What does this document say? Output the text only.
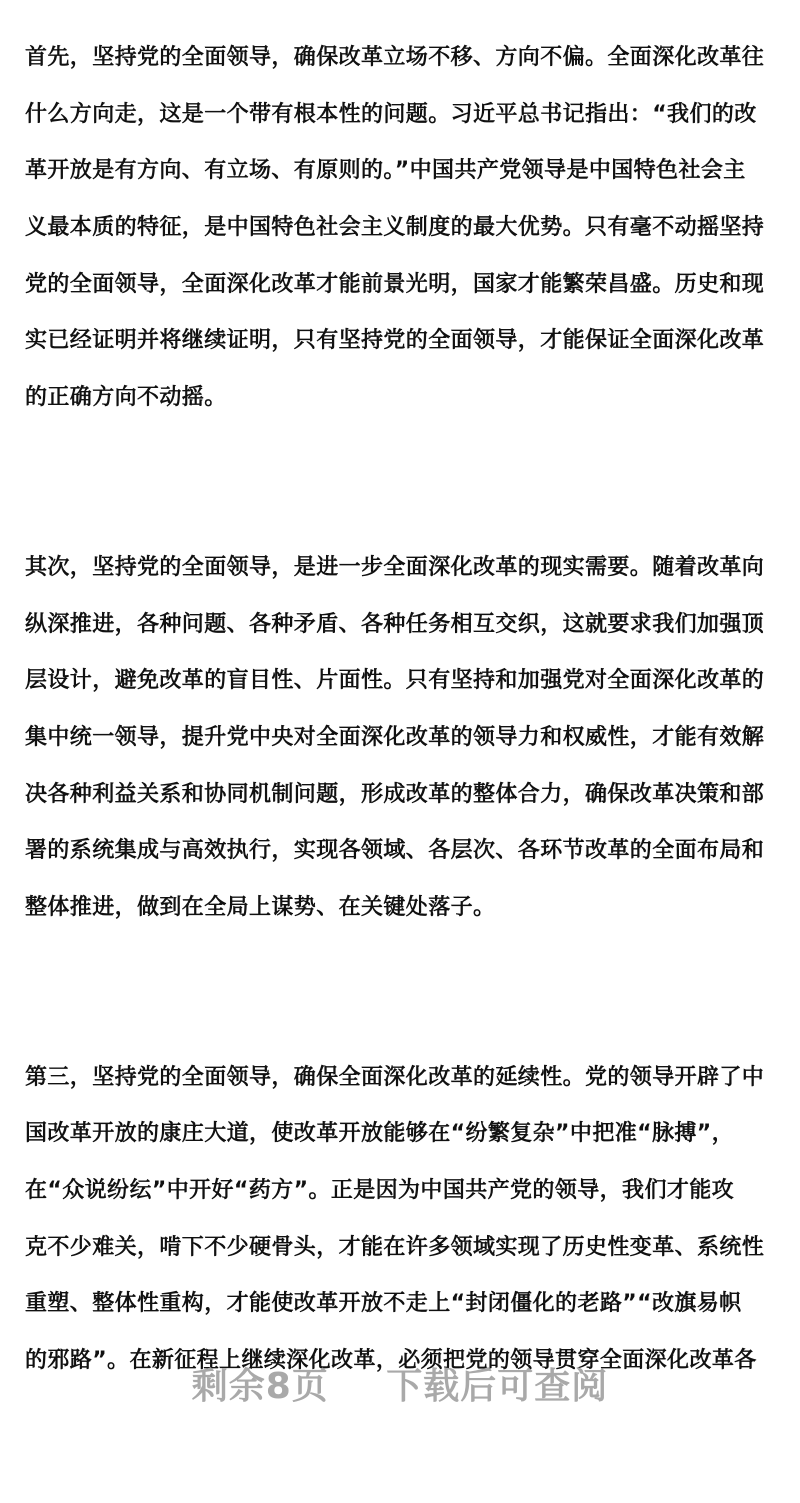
首先，坚持党的全面领导，确保改革立场不移、方向不偏。全面深化改革往
什么方向走，这是一个带有根本性的问题。习近平总书记指出：“我们的改
革开放是有方向、有立场、有原则的。”中国共产党领导是中国特色社会主
义最本质的特征，是中国特色社会主义制度的最大优势。只有毫不动摇坚持
党的全面领导，全面深化改革才能前景光明，国家才能繁荣昌盛。历史和现
实已经证明并将继续证明，只有坚持党的全面领导，才能保证全面深化改革
的正确方向不动摇。
其次，坚持党的全面领导，是进一步全面深化改革的现实需要。随着改革向
纵深推进，各种问题、各种矛盾、各种任务相互交织，这就要求我们加强顶
层设计，避免改革的盲目性、片面性。只有坚持和加强党对全面深化改革的
集中统一领导，提升党中央对全面深化改革的领导力和权威性，才能有效解
决各种利益关系和协同机制问题，形成改革的整体合力，确保改革决策和部
署的系统集成与高效执行，实现各领域、各层次、各环节改革的全面布局和
整体推进，做到在全局上谋势、在关键处落子。
第三，坚持党的全面领导，确保全面深化改革的延续性。党的领导开辟了中
国改革开放的康庄大道，使改革开放能够在“纷繁复杂”中把准“脉搏”，
在“众说纷纭”中开好“药方”。正是因为中国共产党的领导，我们才能攻
克不少难关，啃下不少硬骨头，才能在许多领域实现了历史性变革、系统性
重塑、整体性重构，才能使改革开放不走上“封闭僵化的老路”“改旗易帜
的邪路”。在新征程上继续深化改革，必须把党的领导贯穿全面深化改革各
剩余8页 下载后可查阅
